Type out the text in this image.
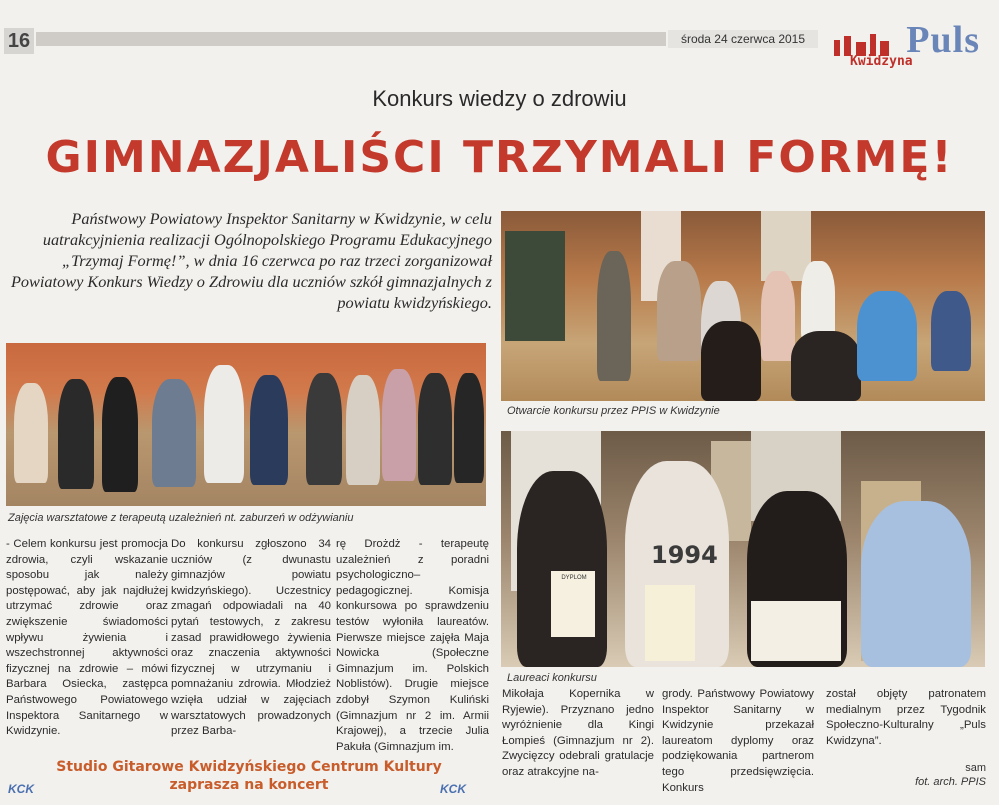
16	środa 24 czerwca 2015	Puls
Kwidzyna
Konkurs wiedzy o zdrowiu
GIMNAZJALIŚCI TRZYMALI FORMĘ!
Państwowy Powiatowy Inspektor Sanitarny w Kwidzynie, w celu uatrakcyjnienia realizacji Ogólnopolskiego Programu Edukacyjnego „Trzymaj Formę!”, w dnia 16 czerwca po raz trzeci zorganizował Powiatowy Konkurs Wiedzy o Zdrowiu dla uczniów szkół gimnazjalnych z powiatu kwidzyńskiego.
Zajęcia warsztatowe z terapeutą uzależnień nt. zaburzeń w odżywianiu
Otwarcie konkursu przez PPIS w Kwidzynie
1994
DYPLOM
Laureaci konkursu

- Celem konkursu jest promocja zdrowia, czyli wskazanie sposobu jak należy postępować, aby jak najdłużej utrzymać zdrowie oraz zwiększenie świadomości wpływu żywienia i wszechstronnej aktywności fizycznej na zdrowie – mówi Barbara Osiecka, zastępca Państwowego Powiatowego Inspektora Sanitarnego w Kwidzynie.

Do konkursu zgłoszono 34 uczniów (z dwunastu gimnazjów powiatu kwidzyńskiego). Uczestnicy zmagań odpowiadali na 40 pytań testowych, z zakresu zasad prawidłowego żywienia oraz znaczenia aktywności fizycznej w utrzymaniu i pomnażaniu zdrowia. Młodzież wzięła udział w zajęciach warsztatowych prowadzonych przez Barba-

rę Drożdż - terapeutę uzależnień z poradni psychologiczno–pedagogicznej. Komisja konkursowa po sprawdzeniu testów wyłoniła laureatów. Pierwsze miejsce zajęła Maja Nowicka (Społeczne Gimnazjum im. Polskich Noblistów). Drugie miejsce zdobył Szymon Kuliński (Gimnazjum nr 2 im. Armii Krajowej), a trzecie Julia Pakuła (Gimnazjum im.

Mikołaja Kopernika w Ryjewie). Przyznano jedno wyróżnienie dla Kingi Łompieś (Gimnazjum nr 2). Zwycięzcy odebrali gratulacje oraz atrakcyjne na-

grody. Państwowy Powiatowy Inspektor Sanitarny w Kwidzynie przekazał laureatom dyplomy oraz podziękowania partnerom tego przedsięwzięcia. Konkurs

został objęty patronatem medialnym przez Tygodnik Społeczno-Kulturalny „Puls Kwidzyna”.

sam
fot. arch. PPIS
Studio Gitarowe Kwidzyńskiego Centrum Kultury
zaprasza na koncert
KCK	KCK
